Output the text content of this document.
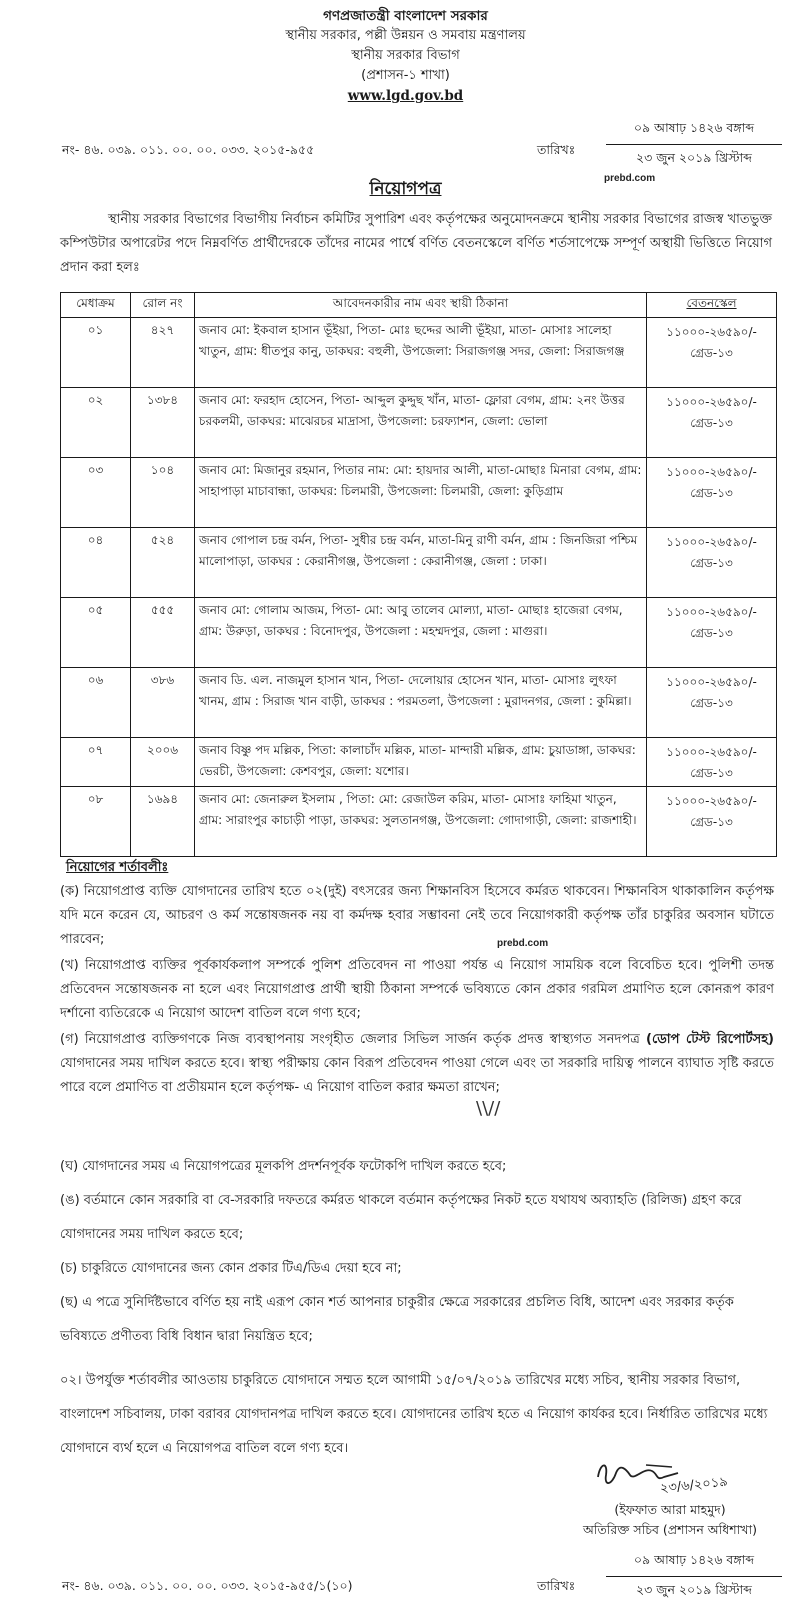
গণপ্রজাতন্ত্রী বাংলাদেশ সরকার
স্থানীয় সরকার, পল্লী উন্নয়ন ও সমবায় মন্ত্রণালয়
স্থানীয় সরকার বিভাগ
(প্রশাসন-১ শাখা)
www.lgd.gov.bd
নং- ৪৬. ০৩৯. ০১১. ০০. ০০. ০৩৩. ২০১৫-৯৫৫	তারিখঃ
০৯ আষাঢ় ১৪২৬ বঙ্গাব্দ
২৩ জুন ২০১৯ খ্রিস্টাব্দ
prebd.com
নিয়োগপত্র
স্থানীয় সরকার বিভাগের বিভাগীয় নির্বাচন কমিটির সুপারিশ এবং কর্তৃপক্ষের অনুমোদনক্রমে স্থানীয় সরকার বিভাগের রাজস্ব খাতভুক্ত কম্পিউটার অপারেটর পদে নিম্নবর্ণিত প্রার্থীদেরকে তাঁদের নামের পার্শ্বে বর্ণিত বেতনস্কেলে বর্ণিত শর্তসাপেক্ষে সম্পূর্ণ অস্থায়ী ভিত্তিতে নিয়োগ প্রদান করা হলঃ
মেধাক্রম	রোল নং	আবেদনকারীর নাম এবং স্থায়ী ঠিকানা	বেতনস্কেল
০১	৪২৭	জনাব মো: ইকবাল হাসান ভূঁইয়া, পিতা- মোঃ ছদ্দের আলী ভূঁইয়া, মাতা- মোসাঃ সালেহা খাতুন, গ্রাম: ধীতপুর কানু, ডাকঘর: বহুলী, উপজেলা: সিরাজগঞ্জ সদর, জেলা: সিরাজগঞ্জ	১১০০০-২৬৫৯০/-
গ্রেড-১৩

০২	১৩৮৪	জনাব মো: ফরহাদ হোসেন, পিতা- আব্দুল কুদ্দুছ খাঁন, মাতা- ফ্লোরা বেগম, গ্রাম: ২নং উত্তর চরকলমী, ডাকঘর: মাঝেরচর মাদ্রাসা, উপজেলা: চরফ্যাশন, জেলা: ভোলা	১১০০০-২৬৫৯০/-
গ্রেড-১৩

০৩	১০৪	জনাব মো: মিজানুর রহমান, পিতার নাম: মো: হায়দার আলী, মাতা-মোছাঃ মিনারা বেগম, গ্রাম: সাহাপাড়া মাচাবান্ধা, ডাকঘর: চিলমারী, উপজেলা: চিলমারী, জেলা: কুড়িগ্রাম	১১০০০-২৬৫৯০/-
গ্রেড-১৩

০৪	৫২৪	জনাব গোপাল চন্দ্র বর্মন, পিতা- সুধীর চন্দ্র বর্মন, মাতা-মিনু রাণী বর্মন, গ্রাম : জিনজিরা পশ্চিম মালোপাড়া, ডাকঘর : কেরানীগঞ্জ, উপজেলা : কেরানীগঞ্জ, জেলা : ঢাকা।	১১০০০-২৬৫৯০/-
গ্রেড-১৩

০৫	৫৫৫	জনাব মো: গোলাম আজম, পিতা- মো: আবু তালেব মোল্যা, মাতা- মোছাঃ হাজেরা বেগম, গ্রাম: উরুড়া, ডাকঘর : বিনোদপুর, উপজেলা : মহম্মদপুর, জেলা : মাগুরা।	১১০০০-২৬৫৯০/-
গ্রেড-১৩

০৬	৩৮৬	জনাব ডি. এল. নাজমুল হাসান খান, পিতা- দেলোয়ার হোসেন খান, মাতা- মোসাঃ লুৎফা খানম, গ্রাম : সিরাজ খান বাড়ী, ডাকঘর : পরমতলা, উপজেলা : মুরাদনগর, জেলা : কুমিল্লা।	১১০০০-২৬৫৯০/-
গ্রেড-১৩

০৭	২০০৬	জনাব বিষ্ণু পদ মল্লিক, পিতা: কালাচাঁদ মল্লিক, মাতা- মান্দারী মল্লিক, গ্রাম: চুয়াডাঙ্গা, ডাকঘর: ভেরচী, উপজেলা: কেশবপুর, জেলা: যশোর।	১১০০০-২৬৫৯০/-
গ্রেড-১৩

০৮	১৬৯৪	জনাব মো: জেনারুল ইসলাম , পিতা: মো: রেজাউল করিম, মাতা- মোসাঃ ফাহিমা খাতুন, গ্রাম: সারাংপুর কাচাড়ী পাড়া, ডাকঘর: সুলতানগঞ্জ, উপজেলা: গোদাগাড়ী, জেলা: রাজশাহী।	১১০০০-২৬৫৯০/-
গ্রেড-১৩
নিয়োগের শর্তাবলীঃ
(ক) নিয়োগপ্রাপ্ত ব্যক্তি যোগদানের তারিখ হতে ০২(দুই) বৎসরের জন্য শিক্ষানবিস হিসেবে কর্মরত থাকবেন। শিক্ষানবিস থাকাকালিন কর্তৃপক্ষ যদি মনে করেন যে, আচরণ ও কর্ম সন্তোষজনক নয় বা কর্মদক্ষ হবার সম্ভাবনা নেই তবে নিয়োগকারী কর্তৃপক্ষ তাঁর চাকুরির অবসান ঘটাতে পারবেন;	prebd.com
(খ) নিয়োগপ্রাপ্ত ব্যক্তির পূর্বকার্যকলাপ সম্পর্কে পুলিশ প্রতিবেদন না পাওয়া পর্যন্ত এ নিয়োগ সাময়িক বলে বিবেচিত হবে। পুলিশী তদন্ত প্রতিবেদন সন্তোষজনক না হলে এবং নিয়োগপ্রাপ্ত প্রার্থী স্থায়ী ঠিকানা সম্পর্কে ভবিষ্যতে কোন প্রকার গরমিল প্রমাণিত হলে কোনরূপ কারণ দর্শানো ব্যতিরেকে এ নিয়োগ আদেশ বাতিল বলে গণ্য হবে;
(গ) নিয়োগপ্রাপ্ত ব্যক্তিগণকে নিজ ব্যবস্থাপনায় সংগৃহীত জেলার সিভিল সার্জন কর্তৃক প্রদত্ত স্বাস্থ্যগত সনদপত্র (ডোপ টেস্ট রিপোর্টসহ) যোগদানের সময় দাখিল করতে হবে। স্বাস্থ্য পরীক্ষায় কোন বিরূপ প্রতিবেদন পাওয়া গেলে এবং তা সরকারি দায়িত্ব পালনে ব্যাঘাত সৃষ্টি করতে পারে বলে প্রমাণিত বা প্রতীয়মান হলে কর্তৃপক্ষ- এ নিয়োগ বাতিল করার ক্ষমতা রাখেন;
\\//
(ঘ) যোগদানের সময় এ নিয়োগপত্রের মূলকপি প্রদর্শনপূর্বক ফটোকপি দাখিল করতে হবে;
(ঙ) বর্তমানে কোন সরকারি বা বে-সরকারি দফতরে কর্মরত থাকলে বর্তমান কর্তৃপক্ষের নিকট হতে যথাযথ অব্যাহতি (রিলিজ) গ্রহণ করে যোগদানের সময় দাখিল করতে হবে;
(চ) চাকুরিতে যোগদানের জন্য কোন প্রকার টিএ/ডিএ দেয়া হবে না;
(ছ) এ পত্রে সুনির্দিষ্টভাবে বর্ণিত হয় নাই এরূপ কোন শর্ত আপনার চাকুরীর ক্ষেত্রে সরকারের প্রচলিত বিধি, আদেশ এবং সরকার কর্তৃক ভবিষ্যতে প্রণীতব্য বিধি বিধান দ্বারা নিয়ন্ত্রিত হবে;
০২। উপর্যুক্ত শর্তাবলীর আওতায় চাকুরিতে যোগদানে সম্মত হলে আগামী ১৫/০৭/২০১৯ তারিখের মধ্যে সচিব, স্থানীয় সরকার বিভাগ, বাংলাদেশ সচিবালয়, ঢাকা বরাবর যোগদানপত্র দাখিল করতে হবে। যোগদানের তারিখ হতে এ নিয়োগ কার্যকর হবে। নির্ধারিত তারিখের মধ্যে যোগদানে ব্যর্থ হলে এ নিয়োগপত্র বাতিল বলে গণ্য হবে।
২৩/৬/২০১৯
(ইফফাত আরা মাহমুদ)
অতিরিক্ত সচিব (প্রশাসন অধিশাখা)
নং- ৪৬. ০৩৯. ০১১. ০০. ০০. ০৩৩. ২০১৫-৯৫৫/১(১০)	তারিখঃ
০৯ আষাঢ় ১৪২৬ বঙ্গাব্দ
২৩ জুন ২০১৯ খ্রিস্টাব্দ
